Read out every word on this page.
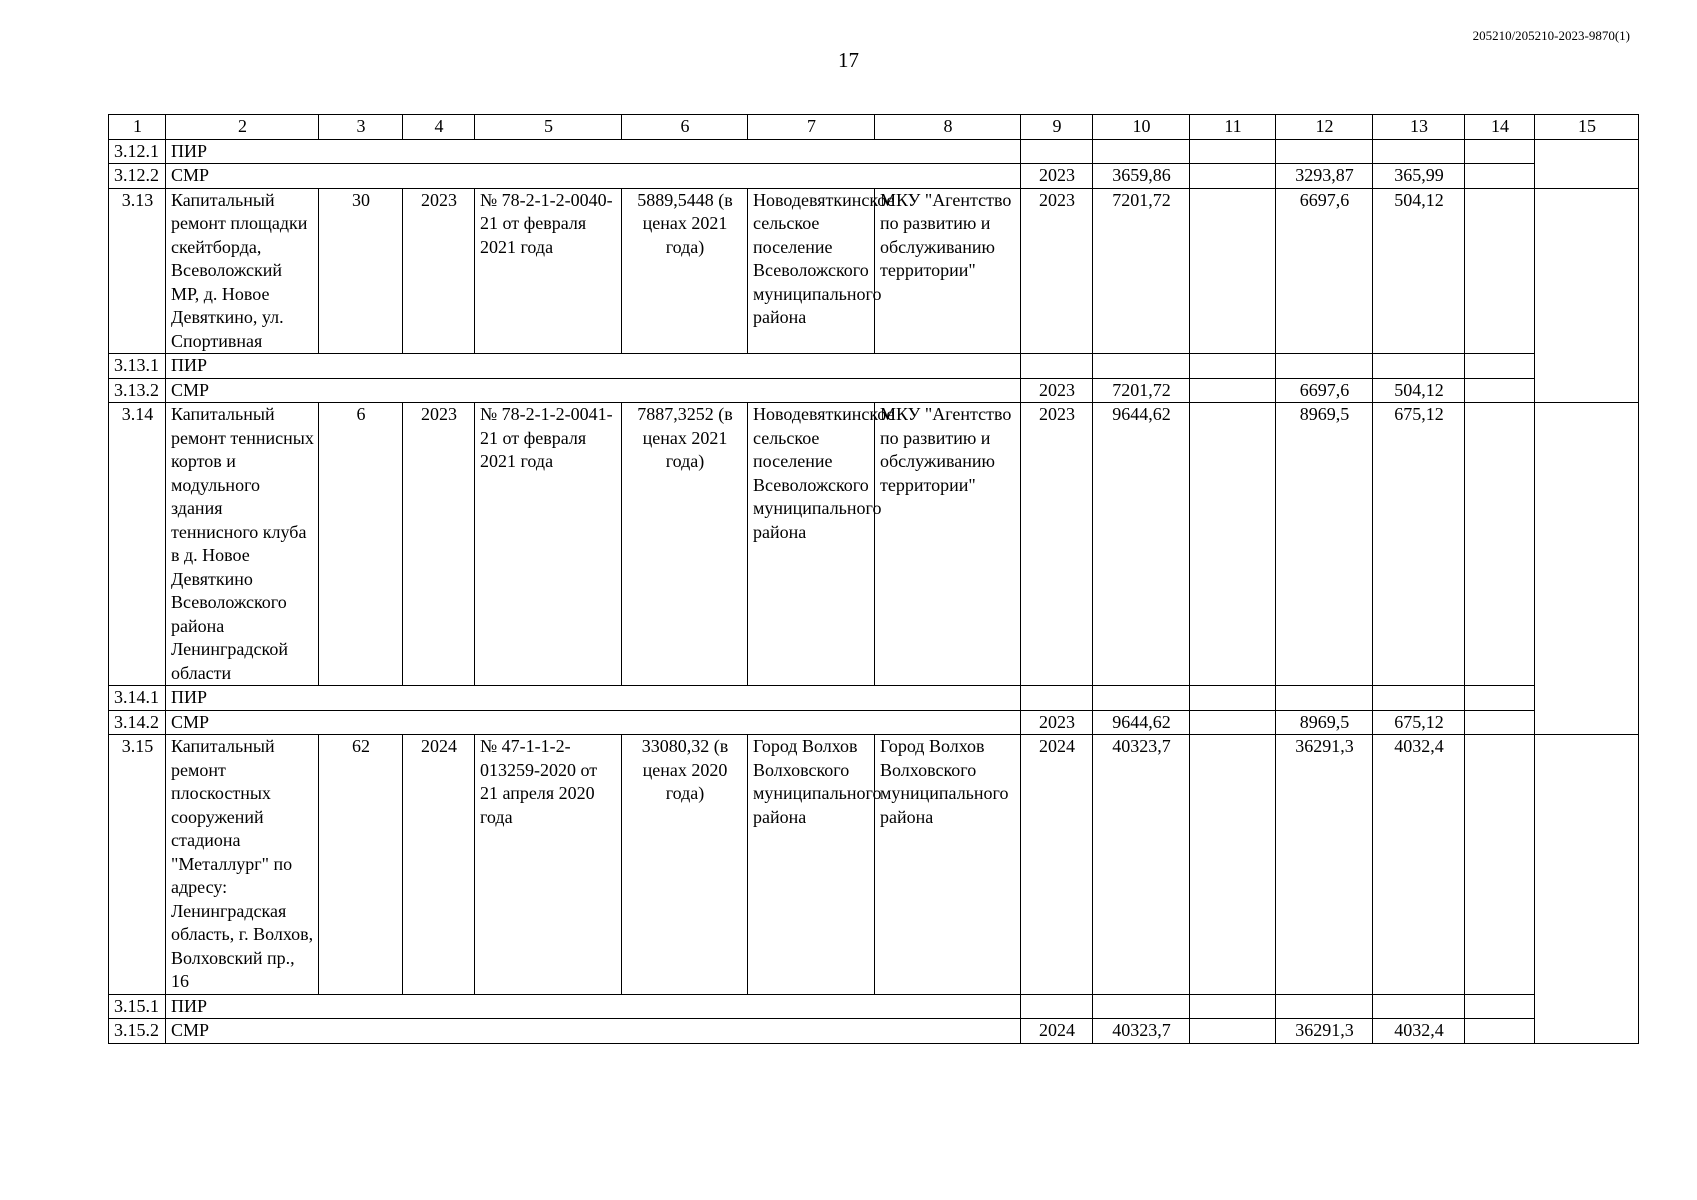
205210/205210-2023-9870(1)
17
1	2	3	4	5	6	7	8	9	10	11	12	13	14	15
3.12.1	ПИР													
3.12.2	СМР							2023	3659,86		3293,87	365,99		
3.13	Капитальный ремонт площадки скейтборда, Всеволожский МР, д. Новое Девяткино, ул. Спортивная	30	2023	№ 78-2-1-2-0040-21 от февраля 2021 года	5889,5448 (в ценах 2021 года)	Новодевяткинское сельское поселение Всеволожского муниципального района	МКУ "Агентство по развитию и обслуживанию территории"	2023	7201,72		6697,6	504,12		
3.13.1	ПИР													
3.13.2	СМР							2023	7201,72		6697,6	504,12		
3.14	Капитальный ремонт теннисных кортов и модульного здания теннисного клуба в д. Новое Девяткино Всеволожского района Ленинградской области	6	2023	№ 78-2-1-2-0041-21 от февраля 2021 года	7887,3252 (в ценах 2021 года)	Новодевяткинское сельское поселение Всеволожского муниципального района	МКУ "Агентство по развитию и обслуживанию территории"	2023	9644,62		8969,5	675,12		
3.14.1	ПИР													
3.14.2	СМР							2023	9644,62		8969,5	675,12		
3.15	Капитальный ремонт плоскостных сооружений стадиона "Металлург" по адресу: Ленинградская область, г. Волхов, Волховский пр., 16	62	2024	№ 47-1-1-2-013259-2020 от 21 апреля 2020 года	33080,32 (в ценах 2020 года)	Город Волхов Волховского муниципального района	Город Волхов Волховского муниципального района	2024	40323,7		36291,3	4032,4		
3.15.1	ПИР													
3.15.2	СМР							2024	40323,7		36291,3	4032,4		
